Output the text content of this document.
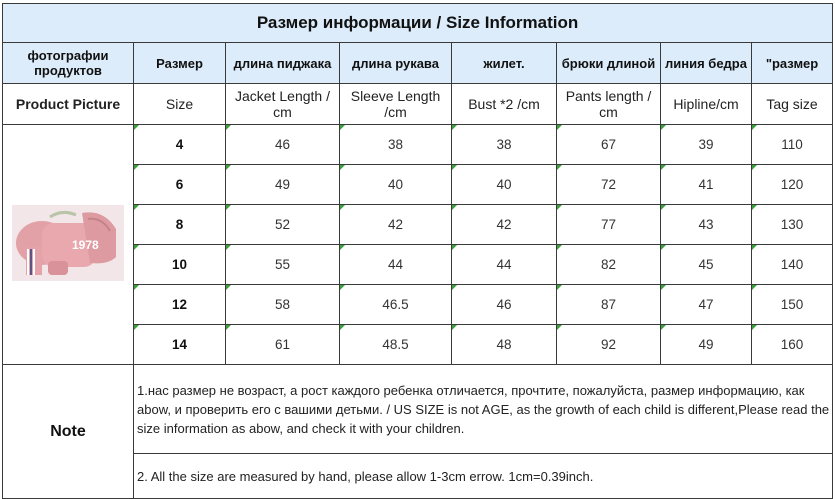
Размер информации / Size Information							
фотографии продуктов	Размер	длина пиджака	длина рукава	жилет.	брюки длиной	линия бедра	"размер
Product Picture	Size	Jacket Length / cm	Sleeve Length /cm	Bust *2 /cm	Pants length / cm	Hipline/cm	Tag size

1978	4	46	38	38	67	39	110
	6	49	40	40	72	41	120
	8	52	42	42	77	43	130
	10	55	44	44	82	45	140
	12	58	46.5	46	87	47	150
	14	61	48.5	48	92	49	160
Note	1.нас размер не возраст, а рост каждого ребенка отличается, прочтите, пожалуйста, размер информацию, как abow, и проверить его с вашими детьми. / US SIZE is not AGE, as the growth of each child is different,Please read the size information as abow, and check it with your children.						
	2. All the size are measured by hand, please allow 1-3cm errow. 1cm=0.39inch.						
